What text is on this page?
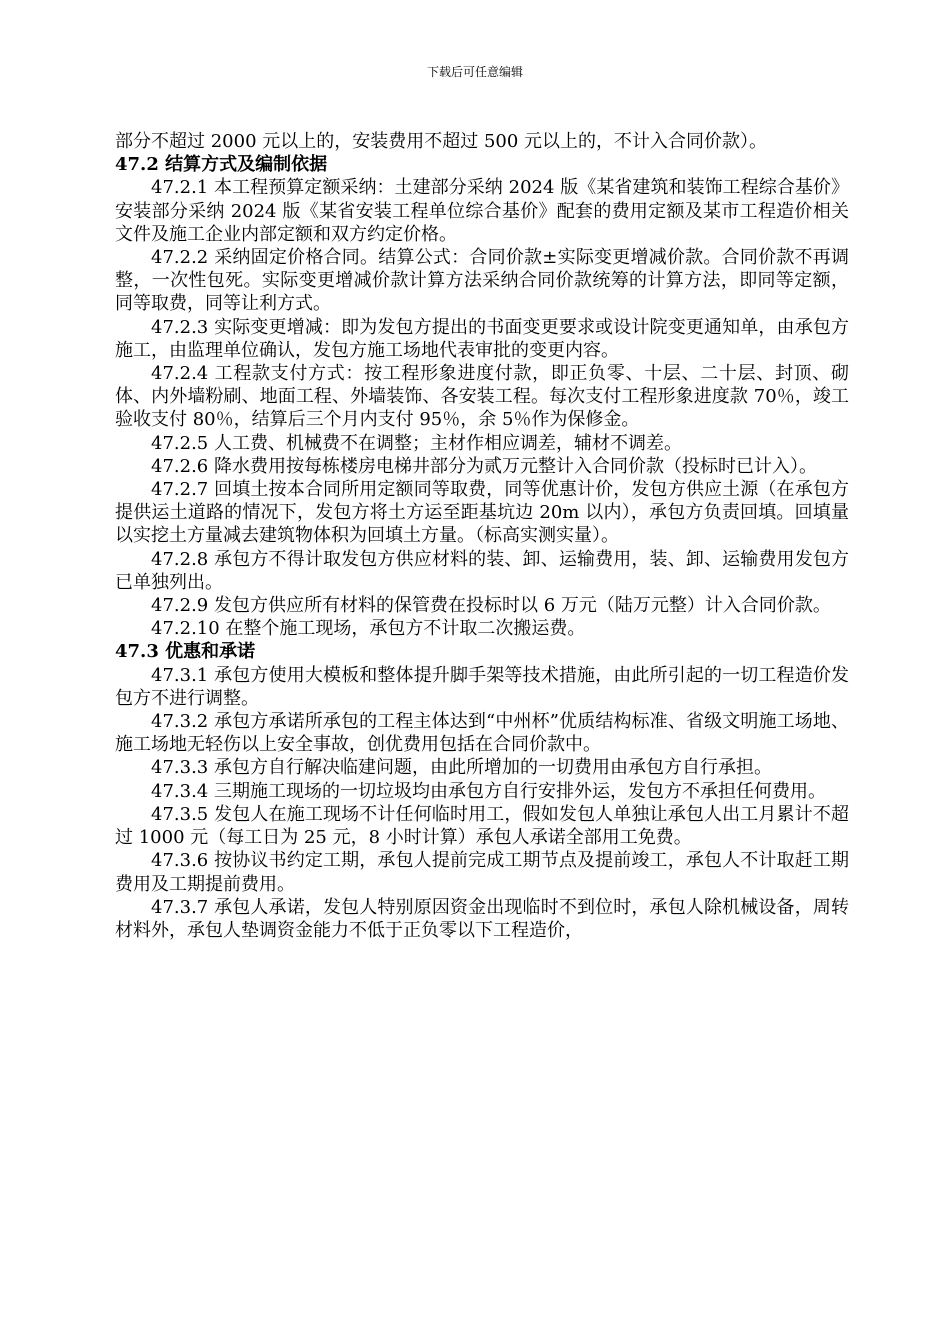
下载后可任意编辑

部分不超过 2000 元以上的，安装费用不超过 500 元以上的，不计入合同价款）。

47.2 结算方式及编制依据

47.2.1 本工程预算定额采纳：土建部分采纳 2024 版《某省建筑和装饰工程综合基价》安装部分采纳 2024 版《某省安装工程单位综合基价》配套的费用定额及某市工程造价相关文件及施工企业内部定额和双方约定价格。

47.2.2 采纳固定价格合同。结算公式：合同价款±实际变更增减价款。合同价款不再调整，一次性包死。实际变更增减价款计算方法采纳合同价款统筹的计算方法，即同等定额，同等取费，同等让利方式。

47.2.3 实际变更增减：即为发包方提出的书面变更要求或设计院变更通知单，由承包方施工，由监理单位确认，发包方施工场地代表审批的变更内容。

47.2.4 工程款支付方式：按工程形象进度付款，即正负零、十层、二十层、封顶、砌体、内外墙粉刷、地面工程、外墙装饰、各安装工程。每次支付工程形象进度款 70％，竣工验收支付 80％，结算后三个月内支付 95％，余 5％作为保修金。

47.2.5 人工费、机械费不在调整；主材作相应调差，辅材不调差。

47.2.6 降水费用按每栋楼房电梯井部分为贰万元整计入合同价款（投标时已计入）。

47.2.7 回填土按本合同所用定额同等取费，同等优惠计价，发包方供应土源（在承包方提供运土道路的情况下，发包方将土方运至距基坑边 20m 以内），承包方负责回填。回填量以实挖土方量减去建筑物体积为回填土方量。（标高实测实量）。

47.2.8 承包方不得计取发包方供应材料的装、卸、运输费用，装、卸、运输费用发包方已单独列出。

47.2.9 发包方供应所有材料的保管费在投标时以 6 万元（陆万元整）计入合同价款。

47.2.10 在整个施工现场，承包方不计取二次搬运费。

47.3 优惠和承诺

47.3.1 承包方使用大模板和整体提升脚手架等技术措施，由此所引起的一切工程造价发包方不进行调整。

47.3.2 承包方承诺所承包的工程主体达到“中州杯”优质结构标准、省级文明施工场地、施工场地无轻伤以上安全事故，创优费用包括在合同价款中。

47.3.3 承包方自行解决临建问题，由此所增加的一切费用由承包方自行承担。

47.3.4 三期施工现场的一切垃圾均由承包方自行安排外运，发包方不承担任何费用。

47.3.5 发包人在施工现场不计任何临时用工，假如发包人单独让承包人出工月累计不超过 1000 元（每工日为 25 元，8 小时计算）承包人承诺全部用工免费。

47.3.6 按协议书约定工期，承包人提前完成工期节点及提前竣工，承包人不计取赶工期费用及工期提前费用。

47.3.7 承包人承诺，发包人特别原因资金出现临时不到位时，承包人除机械设备，周转材料外，承包人垫调资金能力不低于正负零以下工程造价，
